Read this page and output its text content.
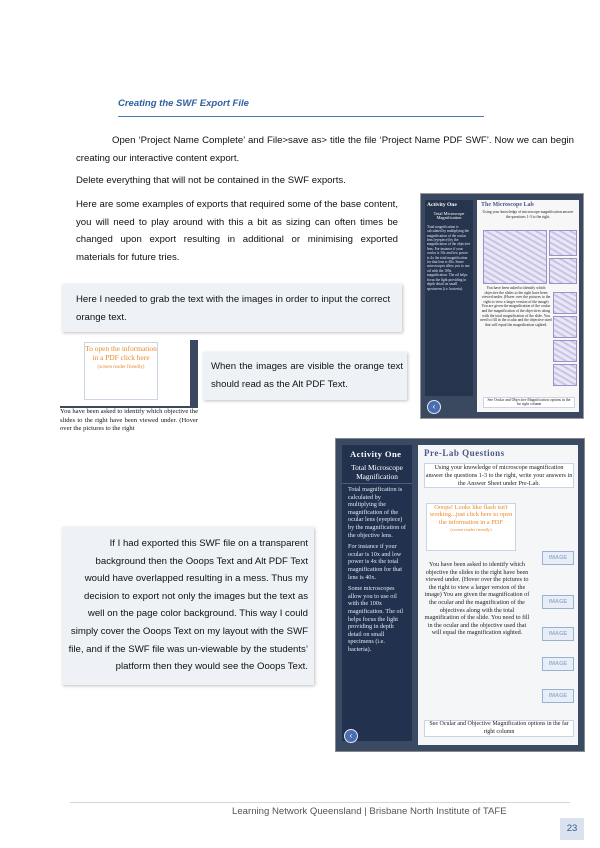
Creating the SWF Export File
Open ‘Project Name Complete’ and File>save as> title the file ‘Project Name PDF SWF’. Now we can begin creating our interactive content export.
Delete everything that will not be contained in the SWF exports.
Here are some examples of exports that required some of the base content, you will need to play around with this a bit as sizing can often times be changed upon export resulting in additional or minimising exported materials for future tries.
Here I needed to grab the text with the images in order to input the correct orange text.
Activity One
Total Microscope Magnification
Total magnification is calculated by multiplying the magnification of the ocular lens (eyepiece) by the magnification of the objective lens. For instance if your ocular is 10x and low power is 4x the total magnification for that lens is 40x. Some microscopes allow you to use oil with the 100x magnification. The oil helps focus the light providing in depth detail on small specimens (i.e. bacteria).
The Microscope Lab
Using your knowledge of microscope magnification answer the questions 1-3 to the right.
You have been asked to identify which objective the slides to the right have been viewed under. (Hover over the pictures to the right to view a larger version of the image) You are given the magnification of the ocular and the magnification of the objectives along with the total magnification of the slide. You need to fill in the ocular and the objective used that will equal the magnification sighted.
See Ocular and Objective Magnification options in the far right column
‹
To open the information in a PDF click here
(screen reader friendly)
You have been asked to identify which objective the slides to the right have been viewed under. (Hover over the pictures to the right
When the images are visible the orange text should read as the Alt PDF Text.
Activity One
Total Microscope Magnification
Total magnification is calculated by multiplying the magnification of the ocular lens (eyepiece) by the magnification of the objective lens.
For instance if your ocular is 10x and low power is 4x the total magnification for that lens is 40x.
Some microscopes allow you to use oil with the 100x magnification. The oil helps focus the light providing in depth detail on small specimens (i.e. bacteria).
Pre-Lab Questions
Using your knowledge of microscope magnification answer the questions 1-3 to the right, write your answers in the Answer Sheet under Pre-Lab.
Ooops! Looks like flash isn't working...just click here to open the information in a PDF
(screen reader friendly)
IMAGE
You have been asked to identify which objective the slides to the right have been viewed under. (Hover over the pictures to the right to view a larger version of the image) You are given the magnification of the ocular and the magnification of the objectives along with the total magnification of the slide. You need to fill in the ocular and the objective used that will equal the magnification sighted.
IMAGE
IMAGE
IMAGE
IMAGE
See Ocular and Objective Magnification options in the far right column
‹
If I had exported this SWF file on a transparent background then the Ooops Text and Alt PDF Text would have overlapped resulting in a mess. Thus my decision to export not only the images but the text as well on the page color background. This way I could simply cover the Ooops Text on my layout with the SWF file, and if the SWF file was un-viewable by the students’ platform then they would see the Ooops Text.
Learning Network Queensland | Brisbane North Institute of TAFE
23
